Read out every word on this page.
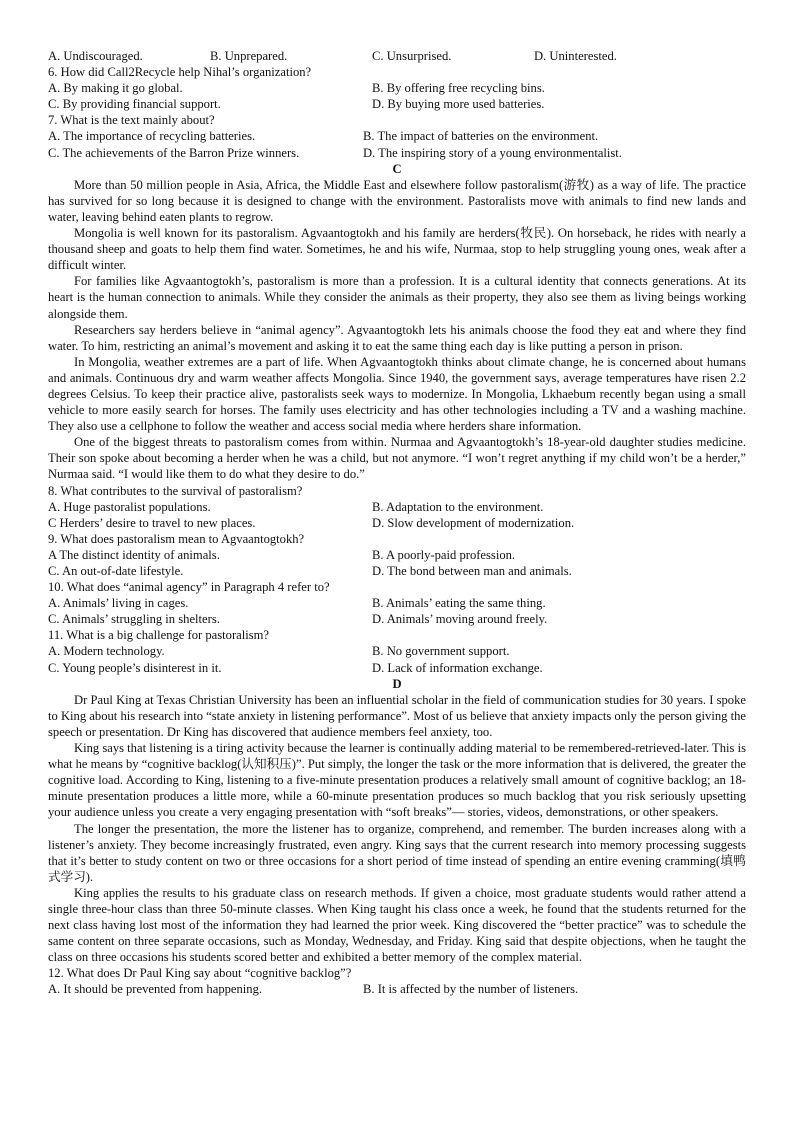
A. Undiscouraged.	B. Unprepared.	C. Unsurprised.	D. Uninterested.
6. How did Call2Recycle help Nihal’s organization?
A. By making it go global.	B. By offering free recycling bins.
C. By providing financial support.	D. By buying more used batteries.
7. What is the text mainly about?
A. The importance of recycling batteries.	B. The impact of batteries on the environment.
C. The achievements of the Barron Prize winners.	D. The inspiring story of a young environmentalist.
C

More than 50 million people in Asia, Africa, the Middle East and elsewhere follow pastoralism(游牧) as a way of life. The practice has survived for so long because it is designed to change with the environment. Pastoralists move with animals to find new lands and water, leaving behind eaten plants to regrow.

Mongolia is well known for its pastoralism. Agvaantogtokh and his family are herders(牧民). On horseback, he rides with nearly a thousand sheep and goats to help them find water. Sometimes, he and his wife, Nurmaa, stop to help struggling young ones, weak after a difficult winter.

For families like Agvaantogtokh’s, pastoralism is more than a profession. It is a cultural identity that connects generations. At its heart is the human connection to animals. While they consider the animals as their property, they also see them as living beings working alongside them.

Researchers say herders believe in “animal agency”. Agvaantogtokh lets his animals choose the food they eat and where they find water. To him, restricting an animal’s movement and asking it to eat the same thing each day is like putting a person in prison.

In Mongolia, weather extremes are a part of life. When Agvaantogtokh thinks about climate change, he is concerned about humans and animals. Continuous dry and warm weather affects Mongolia. Since 1940, the government says, average temperatures have risen 2.2 degrees Celsius. To keep their practice alive, pastoralists seek ways to modernize. In Mongolia, Lkhaebum recently began using a small vehicle to more easily search for horses. The family uses electricity and has other technologies including a TV and a washing machine. They also use a cellphone to follow the weather and access social media where herders share information.

One of the biggest threats to pastoralism comes from within. Nurmaa and Agvaantogtokh’s 18-year-old daughter studies medicine. Their son spoke about becoming a herder when he was a child, but not anymore. “I won’t regret anything if my child won’t be a herder,” Nurmaa said. “I would like them to do what they desire to do.”

8. What contributes to the survival of pastoralism?
A. Huge pastoralist populations.	B. Adaptation to the environment.
C Herders’ desire to travel to new places.	D. Slow development of modernization.
9. What does pastoralism mean to Agvaantogtokh?
A The distinct identity of animals.	B. A poorly-paid profession.
C. An out-of-date lifestyle.	D. The bond between man and animals.
10. What does “animal agency” in Paragraph 4 refer to?
A. Animals’ living in cages.	B. Animals’ eating the same thing.
C. Animals’ struggling in shelters.	D. Animals’ moving around freely.
11. What is a big challenge for pastoralism?
A. Modern technology.	B. No government support.
C. Young people’s disinterest in it.	D. Lack of information exchange.
D

Dr Paul King at Texas Christian University has been an influential scholar in the field of communication studies for 30 years. I spoke to King about his research into “state anxiety in listening performance”. Most of us believe that anxiety impacts only the person giving the speech or presentation. Dr King has discovered that audience members feel anxiety, too.

King says that listening is a tiring activity because the learner is continually adding material to be remembered-retrieved-later. This is what he means by “cognitive backlog(认知积压)”. Put simply, the longer the task or the more information that is delivered, the greater the cognitive load. According to King, listening to a five-minute presentation produces a relatively small amount of cognitive backlog; an 18-minute presentation produces a little more, while a 60-minute presentation produces so much backlog that you risk seriously upsetting your audience unless you create a very engaging presentation with “soft breaks”— stories, videos, demonstrations, or other speakers.

The longer the presentation, the more the listener has to organize, comprehend, and remember. The burden increases along with a listener’s anxiety. They become increasingly frustrated, even angry. King says that the current research into memory processing suggests that it’s better to study content on two or three occasions for a short period of time instead of spending an entire evening cramming(填鸭式学习).

King applies the results to his graduate class on research methods. If given a choice, most graduate students would rather attend a single three-hour class than three 50-minute classes. When King taught his class once a week, he found that the students returned for the next class having lost most of the information they had learned the prior week. King discovered the “better practice” was to schedule the same content on three separate occasions, such as Monday, Wednesday, and Friday. King said that despite objections, when he taught the class on three occasions his students scored better and exhibited a better memory of the complex material.

12. What does Dr Paul King say about “cognitive backlog”?
A. It should be prevented from happening.	B. It is affected by the number of listeners.
